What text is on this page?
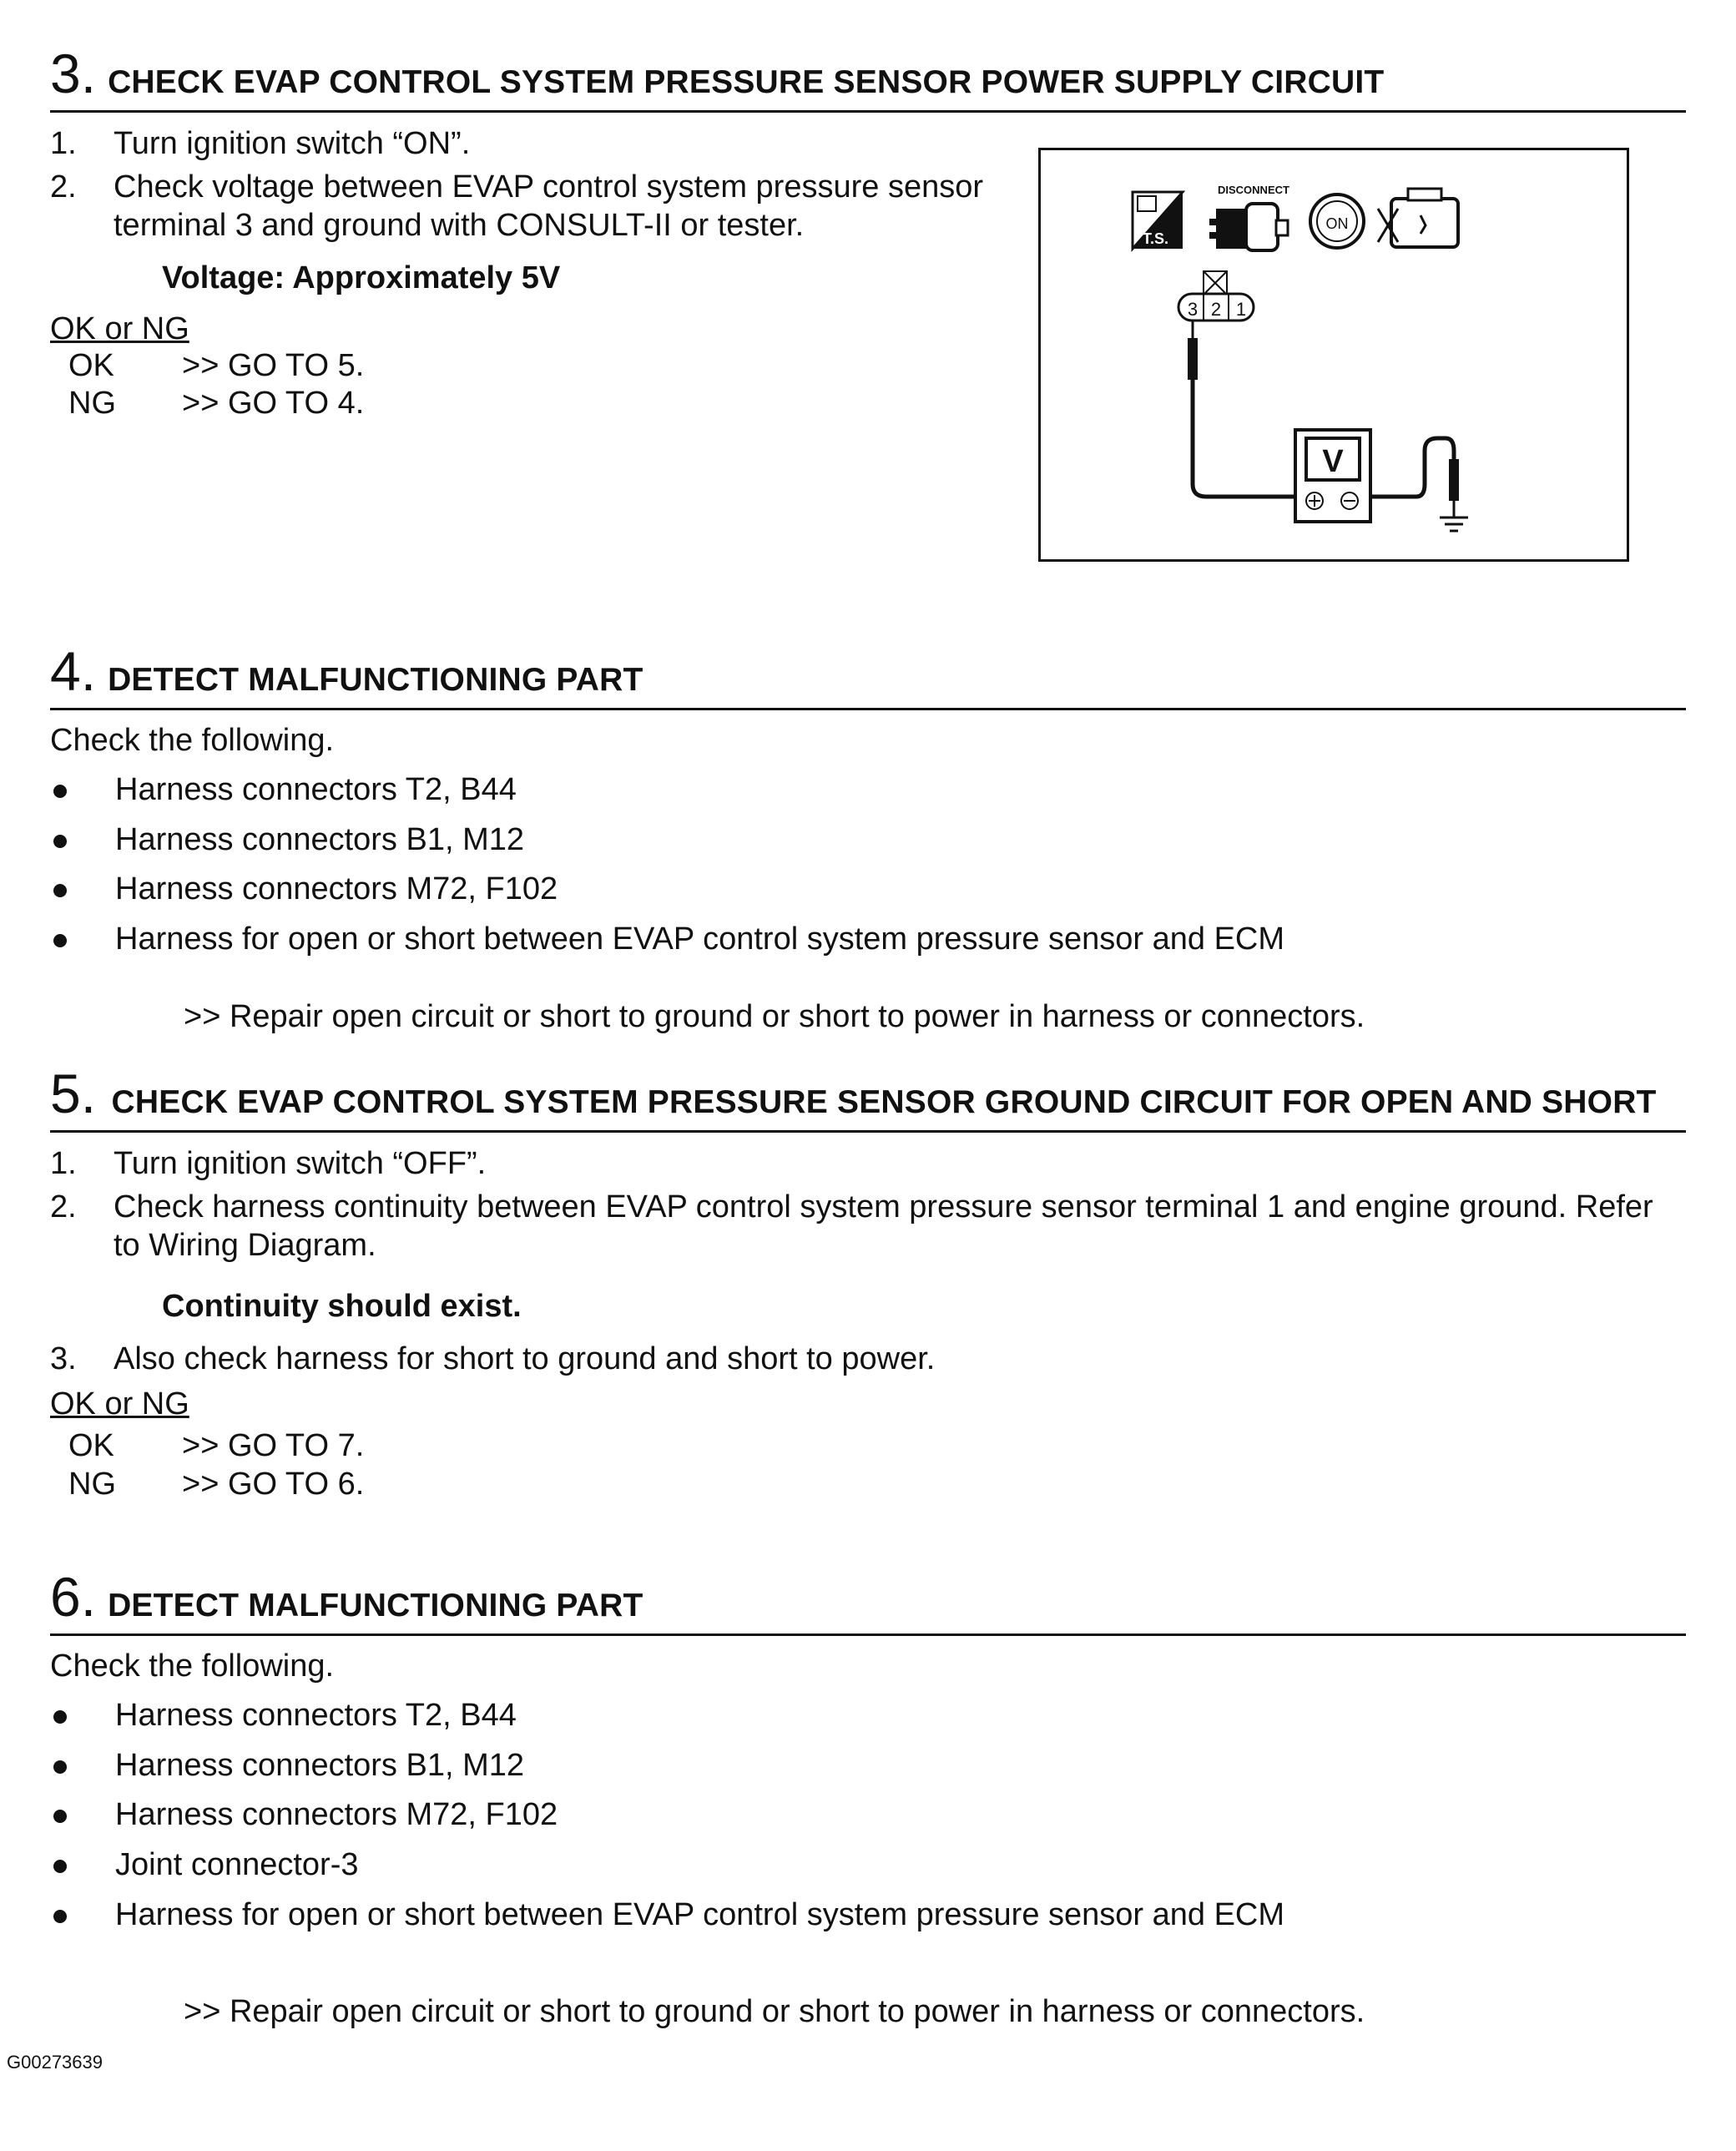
3 . CHECK EVAP CONTROL SYSTEM PRESSURE SENSOR POWER SUPPLY CIRCUIT
1.	Turn ignition switch “ON”.
2.	Check voltage between EVAP control system pressure sensor terminal 3 and ground with CONSULT-II or tester.
Voltage: Approximately 5V
OK or NG
OK	>> GO TO 5.
NG	>> GO TO 4.
4 . DETECT MALFUNCTIONING PART
Check the following.
Harness connectors T2, B44
Harness connectors B1, M12
Harness connectors M72, F102
Harness for open or short between EVAP control system pressure sensor and ECM
>> Repair open circuit or short to ground or short to power in harness or connectors.
5. CHECK EVAP CONTROL SYSTEM PRESSURE SENSOR GROUND CIRCUIT FOR OPEN AND SHORT
1.	Turn ignition switch “OFF”.
2.	Check harness continuity between EVAP control system pressure sensor terminal 1 and engine ground. Refer to Wiring Diagram.
Continuity should exist.
3.	Also check harness for short to ground and short to power.
OK or NG
OK	>> GO TO 7.
NG	>> GO TO 6.
6 . DETECT MALFUNCTIONING PART
Check the following.
Harness connectors T2, B44
Harness connectors B1, M12
Harness connectors M72, F102
Joint connector-3
Harness for open or short between EVAP control system pressure sensor and ECM
>> Repair open circuit or short to ground or short to power in harness or connectors.
T.S.
DISCONNECT
ON
3 2 1
V
G00273639
